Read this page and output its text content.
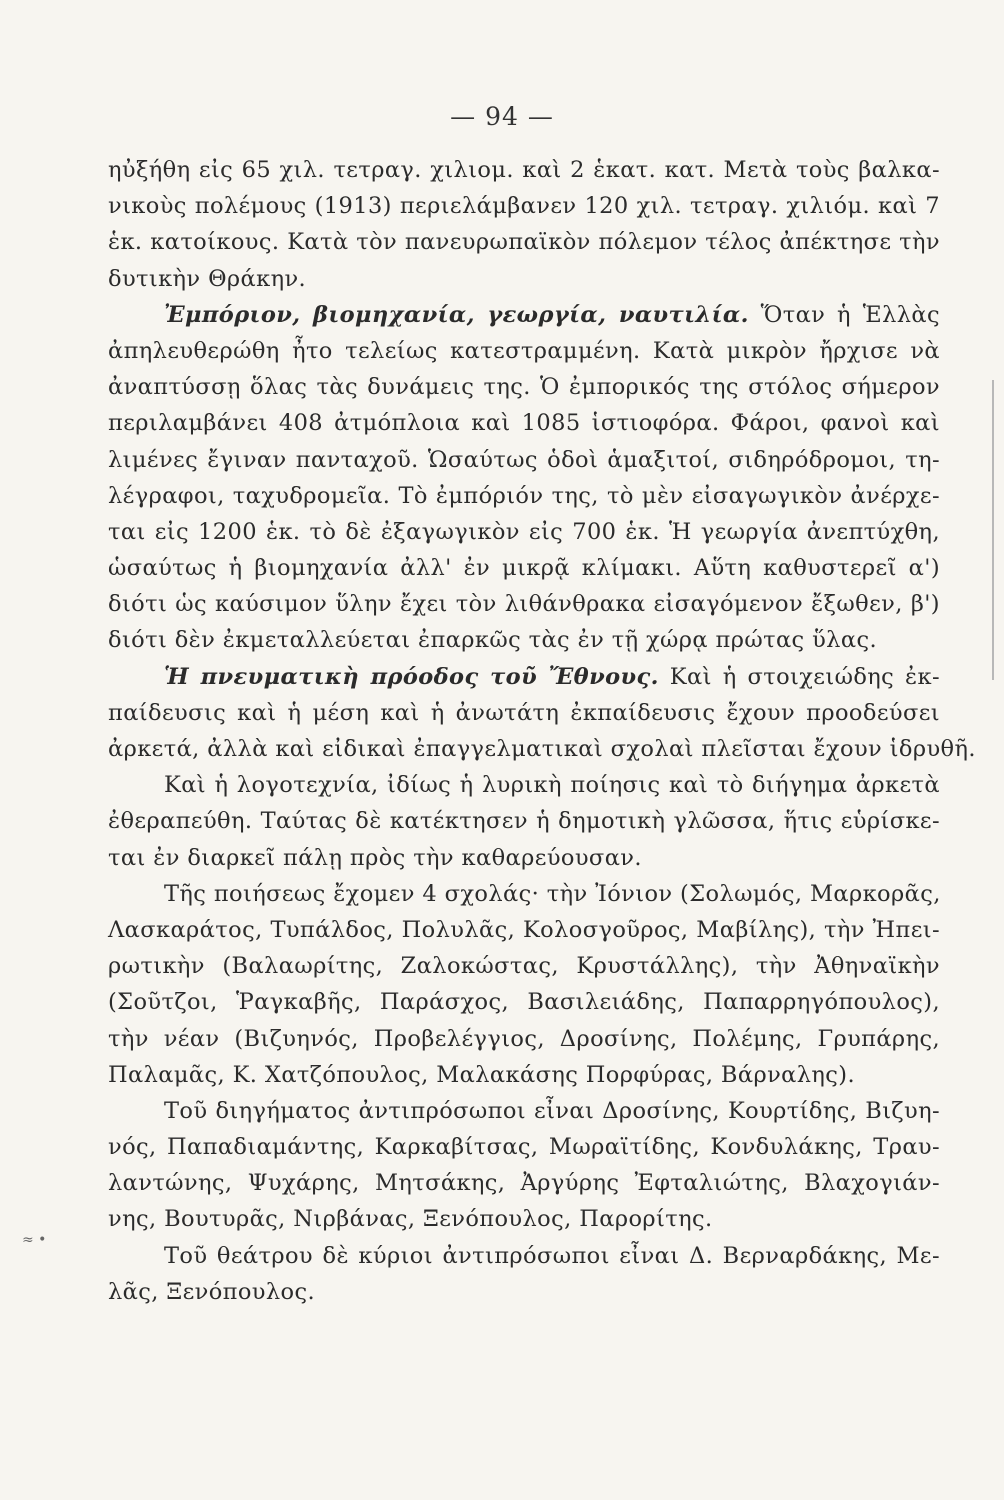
— 94 —
ηὐξήθη εἰς 65 χιλ. τετραγ. χιλιομ. καὶ 2 ἑκατ. κατ. Μετὰ τοὺς βαλκα-
νικοὺς πολέμους (1913) περιελάμβανεν 120 χιλ. τετραγ. χιλιόμ. καὶ 7
ἑκ. κατοίκους. Κατὰ τὸν πανευρωπαϊκὸν πόλεμον τέλος ἀπέκτησε τὴν
δυτικὴν Θράκην.
Ἐμπόριον, βιομηχανία, γεωργία, ναυτιλία. Ὅταν ἡ Ἑλλὰς
ἀπηλευθερώθη ἦτο τελείως κατεστραμμένη. Κατὰ μικρὸν ἤρχισε νὰ
ἀναπτύσσῃ ὅλας τὰς δυνάμεις της. Ὁ ἐμπορικός της στόλος σήμερον
περιλαμβάνει 408 ἀτμόπλοια καὶ 1085 ἱστιοφόρα. Φάροι, φανοὶ καὶ
λιμένες ἔγιναν πανταχοῦ. Ὡσαύτως ὁδοὶ ἁμαξιτοί, σιδηρόδρομοι, τη-
λέγραφοι, ταχυδρομεῖα. Τὸ ἐμπόριόν της, τὸ μὲν εἰσαγωγικὸν ἀνέρχε-
ται εἰς 1200 ἑκ. τὸ δὲ ἐξαγωγικὸν εἰς 700 ἑκ. Ἡ γεωργία ἀνεπτύχθη,
ὡσαύτως ἡ βιομηχανία ἀλλ' ἐν μικρᾷ κλίμακι. Αὕτη καθυστερεῖ α')
διότι ὡς καύσιμον ὕλην ἔχει τὸν λιθάνθρακα εἰσαγόμενον ἔξωθεν, β')
διότι δὲν ἐκμεταλλεύεται ἐπαρκῶς τὰς ἐν τῇ χώρᾳ πρώτας ὕλας.
Ἡ πνευματικὴ πρόοδος τοῦ Ἔθνους. Καὶ ἡ στοιχειώδης ἐκ-
παίδευσις καὶ ἡ μέση καὶ ἡ ἀνωτάτη ἐκπαίδευσις ἔχουν προοδεύσει
ἀρκετά, ἀλλὰ καὶ εἰδικαὶ ἐπαγγελματικαὶ σχολαὶ πλεῖσται ἔχουν ἱδρυθῆ.
Καὶ ἡ λογοτεχνία, ἰδίως ἡ λυρικὴ ποίησις καὶ τὸ διήγημα ἀρκετὰ
ἐθεραπεύθη. Ταύτας δὲ κατέκτησεν ἡ δημοτικὴ γλῶσσα, ἥτις εὑρίσκε-
ται ἐν διαρκεῖ πάλῃ πρὸς τὴν καθαρεύουσαν.
Τῆς ποιήσεως ἔχομεν 4 σχολάς· τὴν Ἰόνιον (Σολωμός, Μαρκορᾶς,
Λασκαράτος, Τυπάλδος, Πολυλᾶς, Κολοσγοῦρος, Μαβίλης), τὴν Ἠπει-
ρωτικὴν (Βαλαωρίτης, Ζαλοκώστας, Κρυστάλλης), τὴν Ἀθηναϊκὴν
(Σοῦτζοι, Ῥαγκαβῆς, Παράσχος, Βασιλειάδης, Παπαρρηγόπουλος),
τὴν νέαν (Βιζυηνός, Προβελέγγιος, Δροσίνης, Πολέμης, Γρυπάρης,
Παλαμᾶς, Κ. Χατζόπουλος, Μαλακάσης Πορφύρας, Βάρναλης).
Τοῦ διηγήματος ἀντιπρόσωποι εἶναι Δροσίνης, Κουρτίδης, Βιζυη-
νός, Παπαδιαμάντης, Καρκαβίτσας, Μωραϊτίδης, Κονδυλάκης, Τραυ-
λαντώνης, Ψυχάρης, Μητσάκης, Ἀργύρης Ἐφταλιώτης, Βλαχογιάν-
νης, Βουτυρᾶς, Νιρβάνας, Ξενόπουλος, Παρορίτης.
Τοῦ θεάτρου δὲ κύριοι ἀντιπρόσωποι εἶναι Δ. Βερναρδάκης, Με-
λᾶς, Ξενόπουλος.
≈ •
